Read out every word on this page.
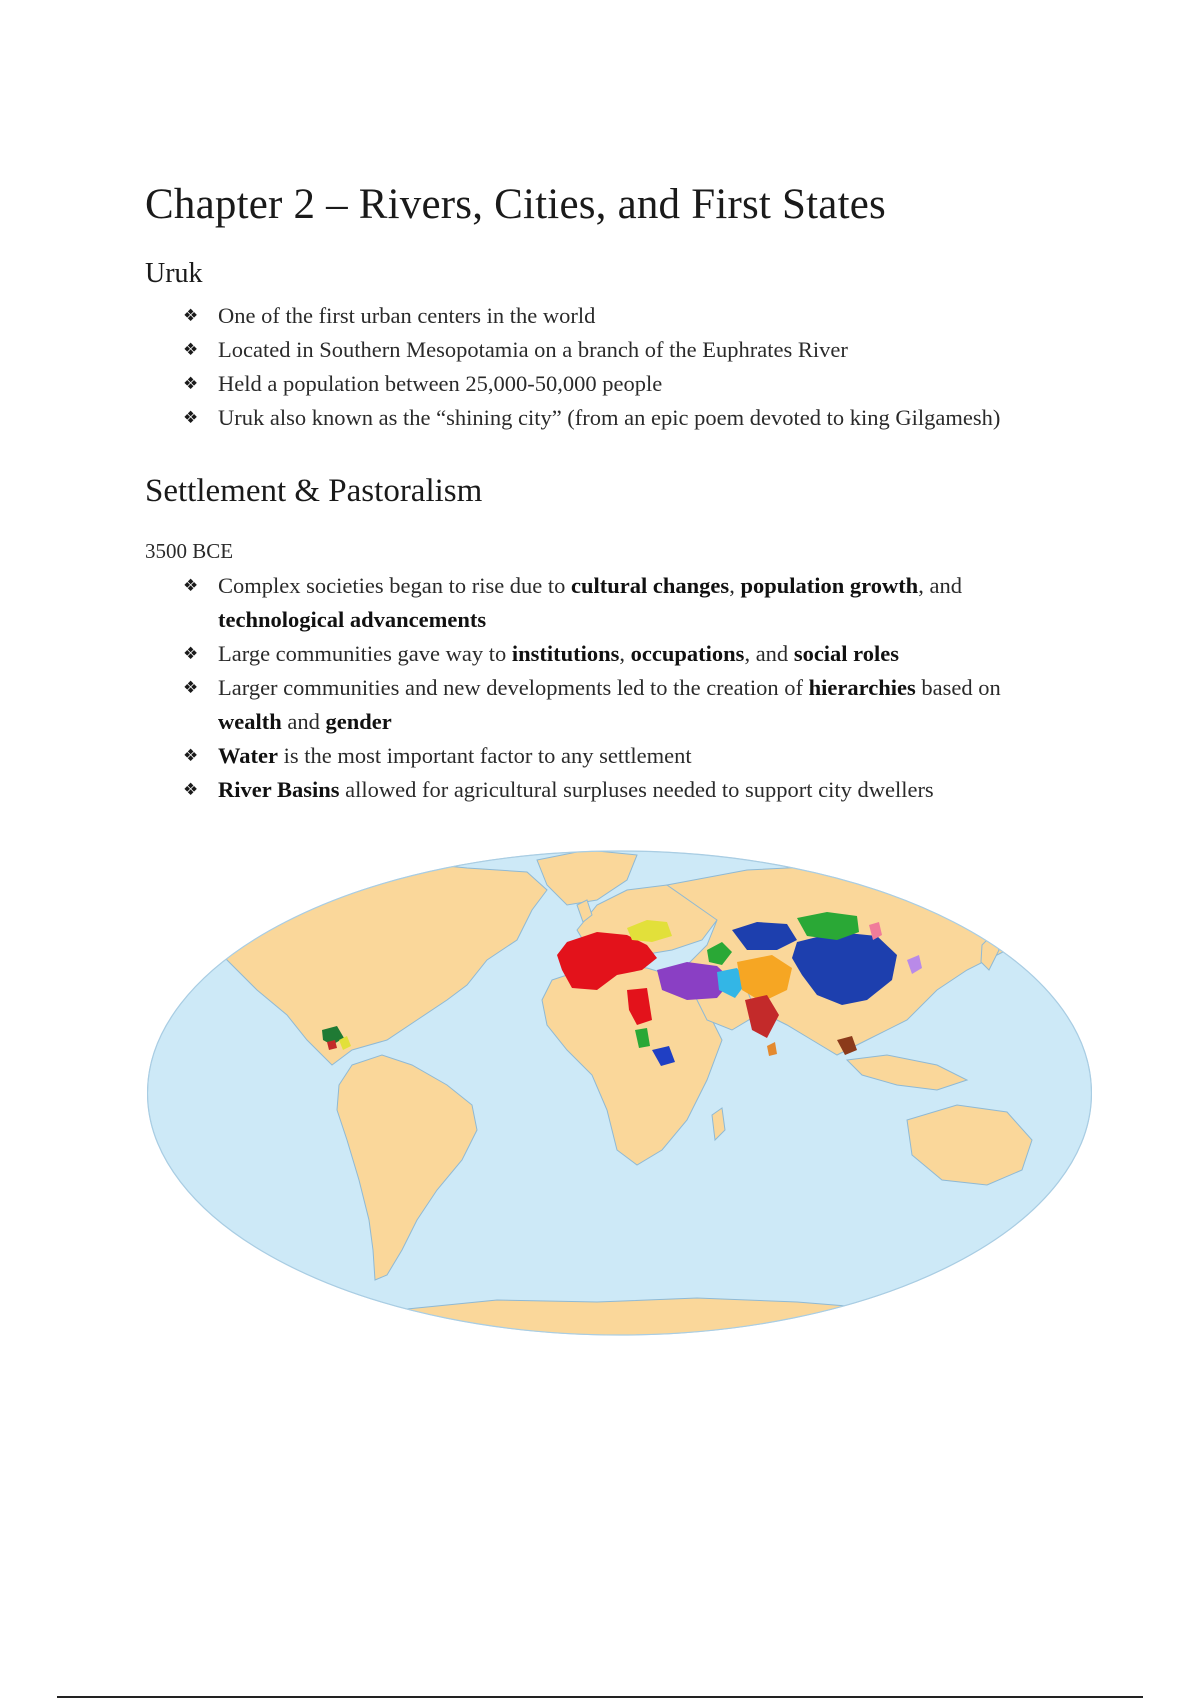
Chapter 2 – Rivers, Cities, and First States
Uruk
❖ One of the first urban centers in the world
❖ Located in Southern Mesopotamia on a branch of the Euphrates River
❖ Held a population between 25,000-50,000 people
❖ Uruk also known as the “shining city” (from an epic poem devoted to king Gilgamesh)
Settlement & Pastoralism
3500 BCE
❖ Complex societies began to rise due to cultural changes, population growth, and technological advancements
❖ Large communities gave way to institutions, occupations, and social roles
❖ Larger communities and new developments led to the creation of hierarchies based on wealth and gender
❖ Water is the most important factor to any settlement
❖ River Basins allowed for agricultural surpluses needed to support city dwellers
